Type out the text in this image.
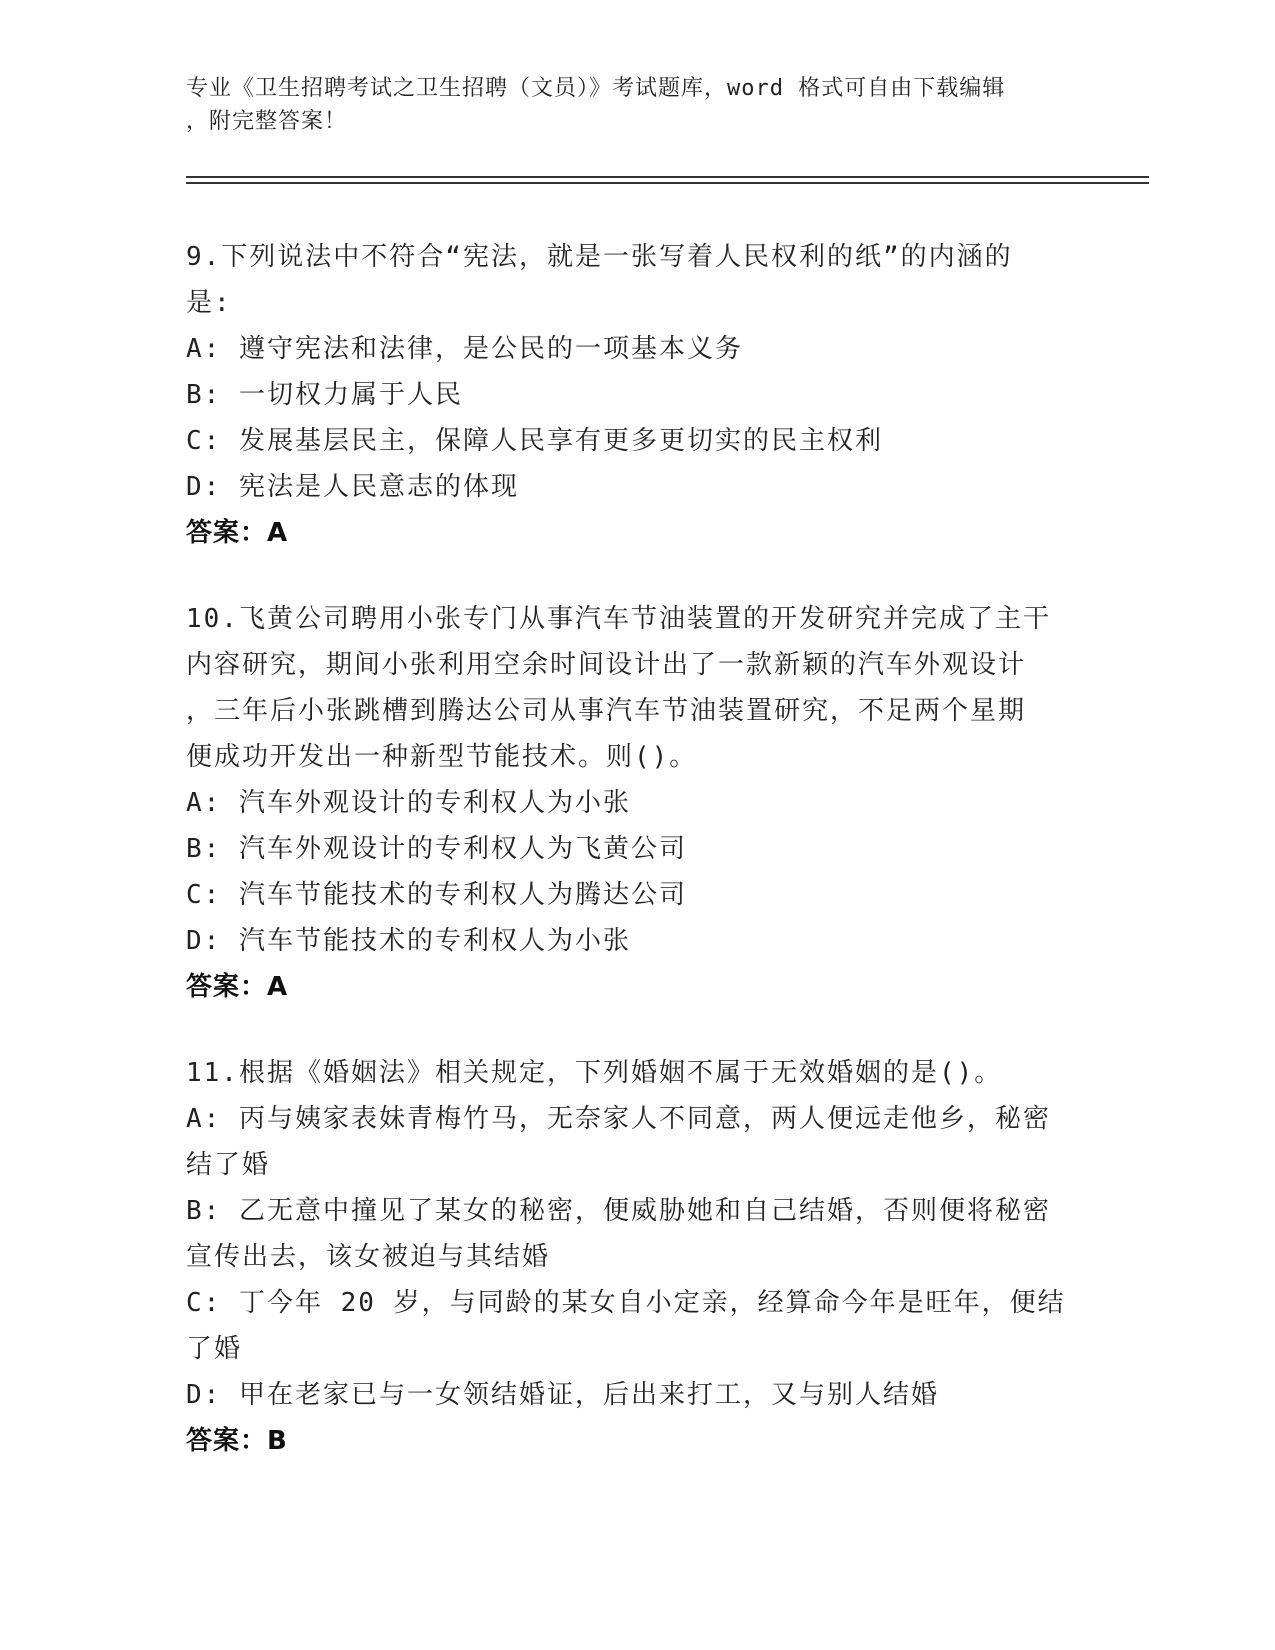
专业《卫生招聘考试之卫生招聘（文员）》考试题库，word 格式可自由下载编辑
，附完整答案！
9.下列说法中不符合“宪法，就是一张写着人民权利的纸”的内涵的
是:
A: 遵守宪法和法律，是公民的一项基本义务
B: 一切权力属于人民
C: 发展基层民主，保障人民享有更多更切实的民主权利
D: 宪法是人民意志的体现
答案：A
10.飞黄公司聘用小张专门从事汽车节油装置的开发研究并完成了主干
内容研究，期间小张利用空余时间设计出了一款新颖的汽车外观设计
，三年后小张跳槽到腾达公司从事汽车节油装置研究，不足两个星期
便成功开发出一种新型节能技术。则()。
A: 汽车外观设计的专利权人为小张
B: 汽车外观设计的专利权人为飞黄公司
C: 汽车节能技术的专利权人为腾达公司
D: 汽车节能技术的专利权人为小张
答案：A
11.根据《婚姻法》相关规定，下列婚姻不属于无效婚姻的是()。
A: 丙与姨家表妹青梅竹马，无奈家人不同意，两人便远走他乡，秘密
结了婚
B: 乙无意中撞见了某女的秘密，便威胁她和自己结婚，否则便将秘密
宣传出去，该女被迫与其结婚
C: 丁今年 20 岁，与同龄的某女自小定亲，经算命今年是旺年，便结
了婚
D: 甲在老家已与一女领结婚证，后出来打工，又与别人结婚
答案：B
